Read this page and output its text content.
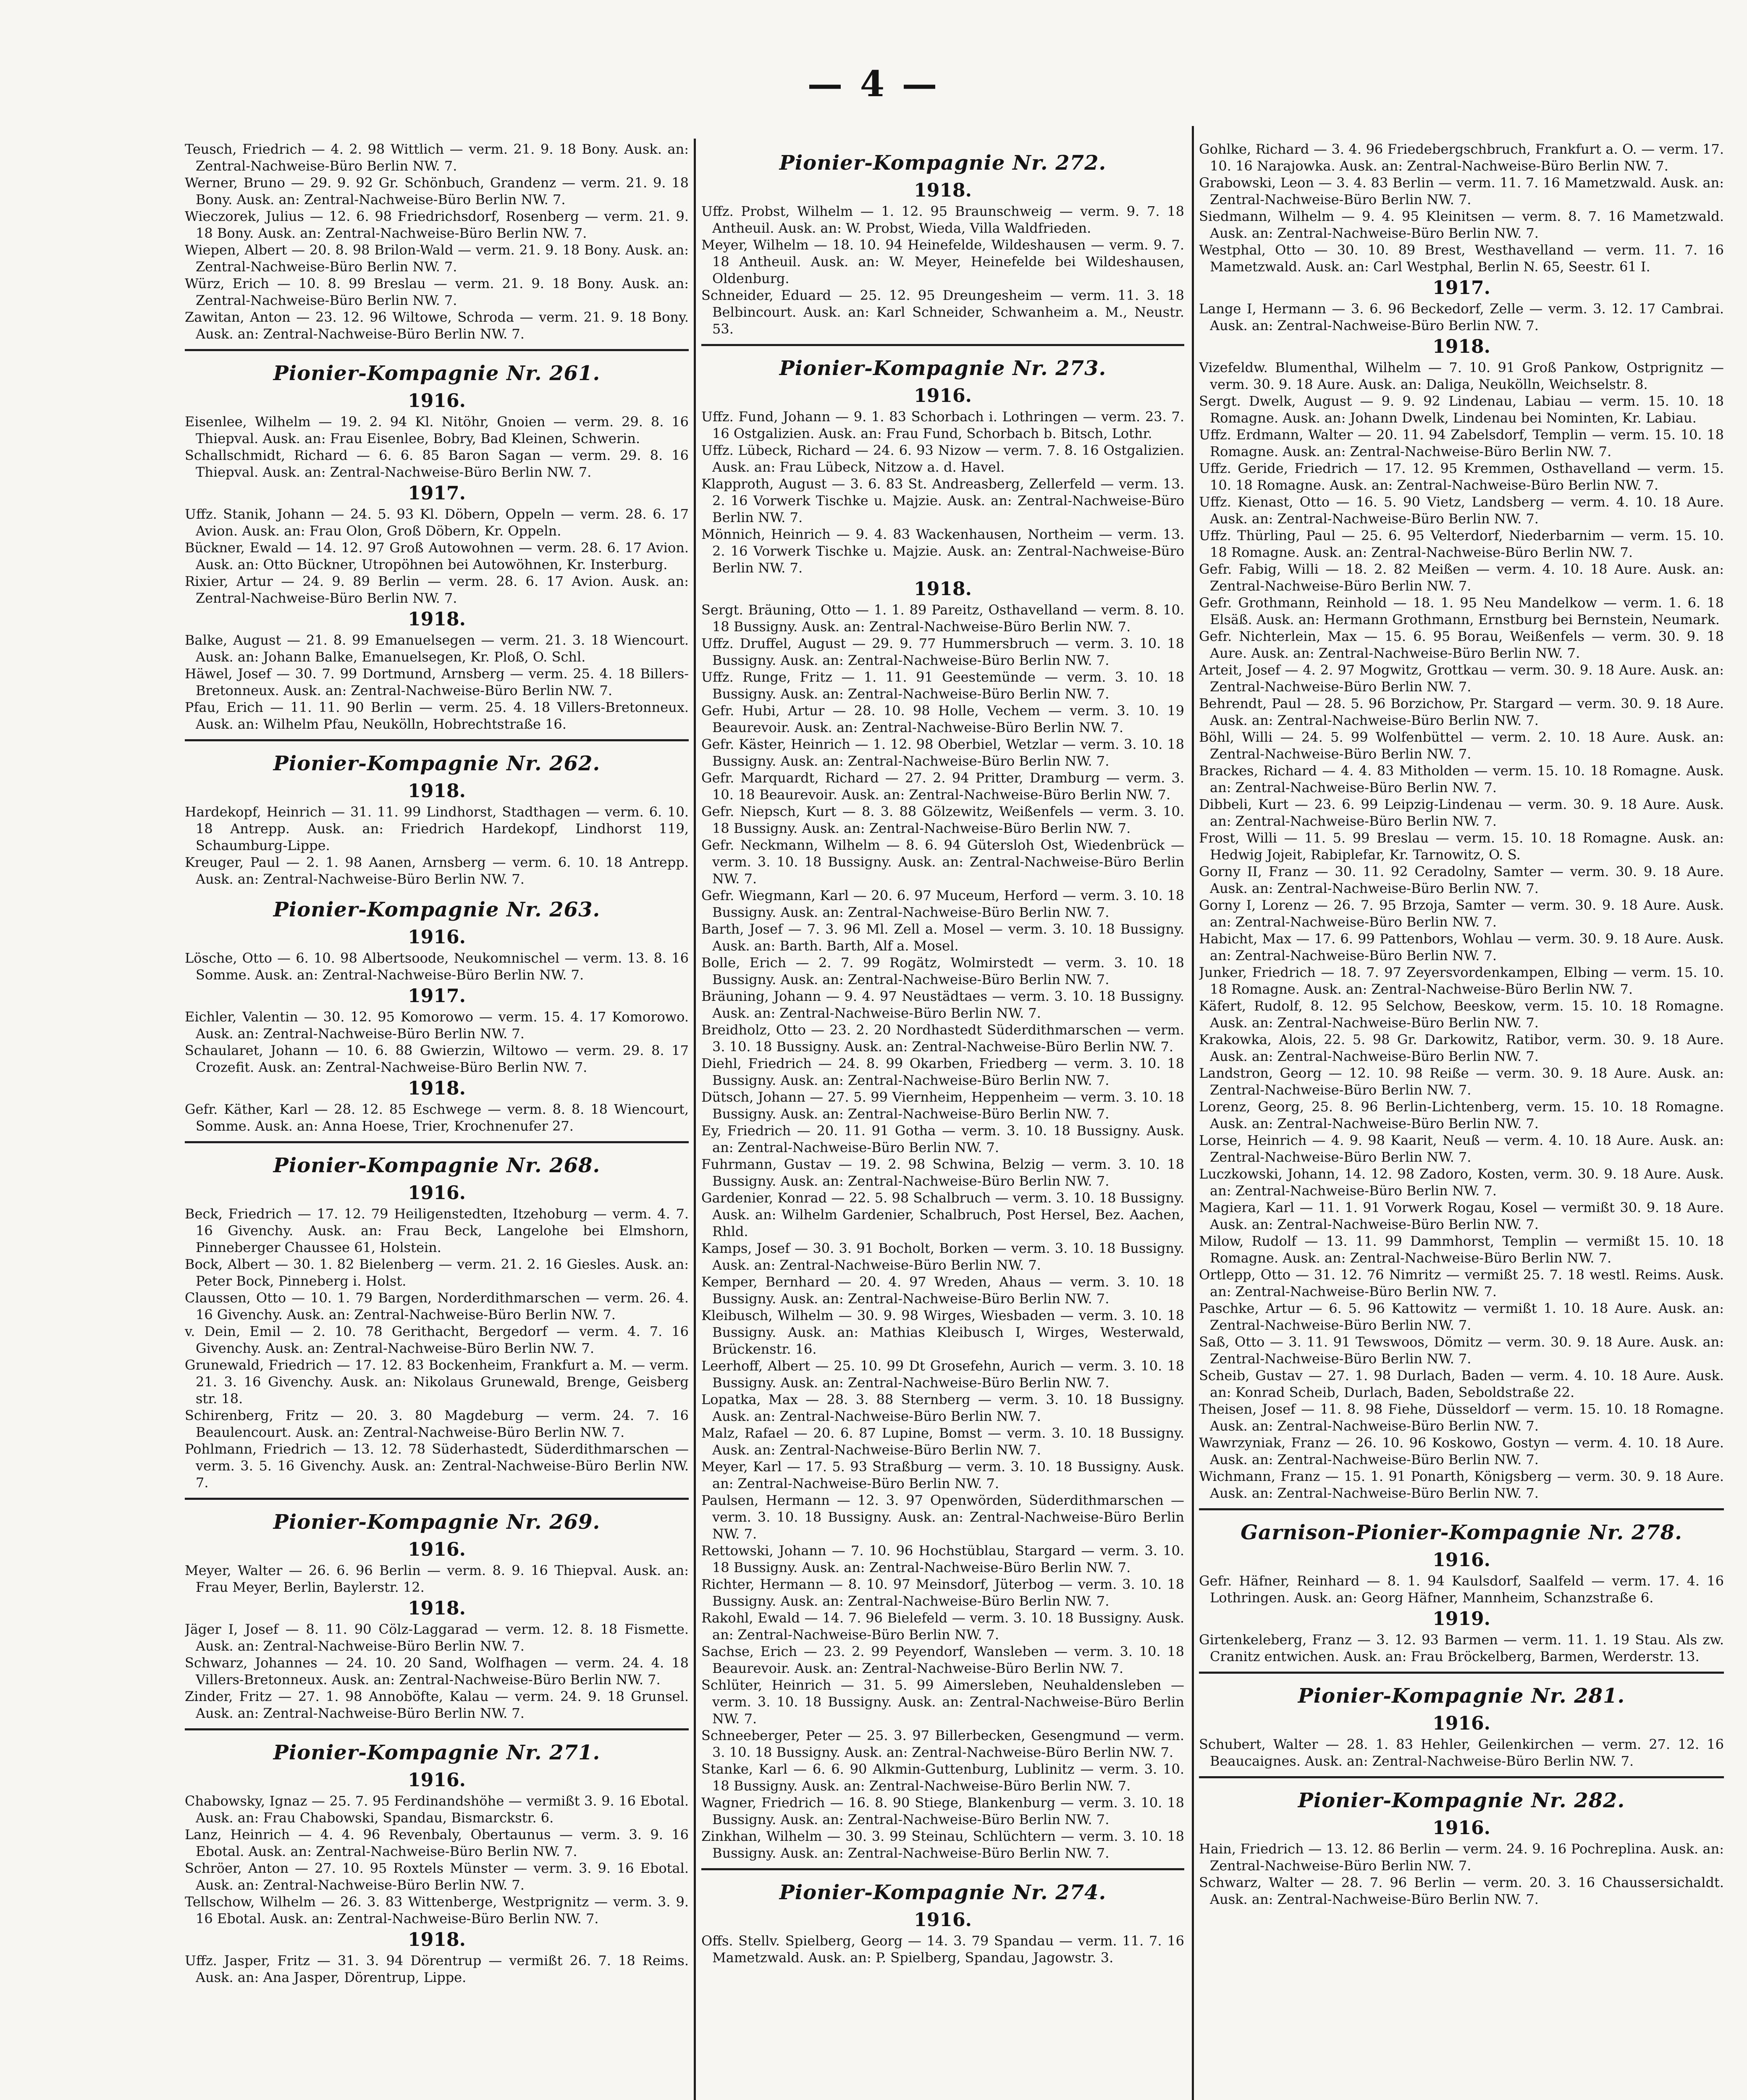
— 4 —

Teusch, Friedrich — 4. 2. 98 Wittlich — verm. 21. 9. 18 Bony. Ausk. an: Zentral-Nachweise-Büro Berlin NW. 7.

Werner, Bruno — 29. 9. 92 Gr. Schönbuch, Grandenz — verm. 21. 9. 18 Bony. Ausk. an: Zentral-Nachweise-Büro Berlin NW. 7.

Wieczorek, Julius — 12. 6. 98 Friedrichsdorf, Rosenberg — verm. 21. 9. 18 Bony. Ausk. an: Zentral-Nachweise-Büro Berlin NW. 7.

Wiepen, Albert — 20. 8. 98 Brilon-Wald — verm. 21. 9. 18 Bony. Ausk. an: Zentral-Nachweise-Büro Berlin NW. 7.

Würz, Erich — 10. 8. 99 Breslau — verm. 21. 9. 18 Bony. Ausk. an: Zentral-Nachweise-Büro Berlin NW. 7.

Zawitan, Anton — 23. 12. 96 Wiltowe, Schroda — verm. 21. 9. 18 Bony. Ausk. an: Zentral-Nachweise-Büro Berlin NW. 7.

Pionier-Kompagnie Nr. 261.
1916.

Eisenlee, Wilhelm — 19. 2. 94 Kl. Nitöhr, Gnoien — verm. 29. 8. 16 Thiepval. Ausk. an: Frau Eisenlee, Bobry, Bad Kleinen, Schwerin.

Schallschmidt, Richard — 6. 6. 85 Baron Sagan — verm. 29. 8. 16 Thiepval. Ausk. an: Zentral-Nachweise-Büro Berlin NW. 7.

1917.

Uffz. Stanik, Johann — 24. 5. 93 Kl. Döbern, Oppeln — verm. 28. 6. 17 Avion. Ausk. an: Frau Olon, Groß Döbern, Kr. Oppeln.

Bückner, Ewald — 14. 12. 97 Groß Autowohnen — verm. 28. 6. 17 Avion. Ausk. an: Otto Bückner, Utropöhnen bei Autowöhnen, Kr. Insterburg.

Rixier, Artur — 24. 9. 89 Berlin — verm. 28. 6. 17 Avion. Ausk. an: Zentral-Nachweise-Büro Berlin NW. 7.

1918.

Balke, August — 21. 8. 99 Emanuelsegen — verm. 21. 3. 18 Wiencourt. Ausk. an: Johann Balke, Emanuelsegen, Kr. Ploß, O. Schl.

Häwel, Josef — 30. 7. 99 Dortmund, Arnsberg — verm. 25. 4. 18 Billers-Bretonneux. Ausk. an: Zentral-Nachweise-Büro Berlin NW. 7.

Pfau, Erich — 11. 11. 90 Berlin — verm. 25. 4. 18 Villers-Bretonneux. Ausk. an: Wilhelm Pfau, Neukölln, Hobrechtstraße 16.

Pionier-Kompagnie Nr. 262.
1918.

Hardekopf, Heinrich — 31. 11. 99 Lindhorst, Stadthagen — verm. 6. 10. 18 Antrepp. Ausk. an: Friedrich Hardekopf, Lindhorst 119, Schaumburg-Lippe.

Kreuger, Paul — 2. 1. 98 Aanen, Arnsberg — verm. 6. 10. 18 Antrepp. Ausk. an: Zentral-Nachweise-Büro Berlin NW. 7.

Pionier-Kompagnie Nr. 263.
1916.

Lösche, Otto — 6. 10. 98 Albertsoode, Neukomnischel — verm. 13. 8. 16 Somme. Ausk. an: Zentral-Nachweise-Büro Berlin NW. 7.

1917.

Eichler, Valentin — 30. 12. 95 Komorowo — verm. 15. 4. 17 Komorowo. Ausk. an: Zentral-Nachweise-Büro Berlin NW. 7.

Schaularet, Johann — 10. 6. 88 Gwierzin, Wiltowo — verm. 29. 8. 17 Crozefit. Ausk. an: Zentral-Nachweise-Büro Berlin NW. 7.

1918.

Gefr. Käther, Karl — 28. 12. 85 Eschwege — verm. 8. 8. 18 Wiencourt, Somme. Ausk. an: Anna Hoese, Trier, Krochnenufer 27.

Pionier-Kompagnie Nr. 268.
1916.

Beck, Friedrich — 17. 12. 79 Heiligenstedten, Itzehoburg — verm. 4. 7. 16 Givenchy. Ausk. an: Frau Beck, Langelohe bei Elmshorn, Pinneberger Chaussee 61, Holstein.

Bock, Albert — 30. 1. 82 Bielenberg — verm. 21. 2. 16 Giesles. Ausk. an: Peter Bock, Pinneberg i. Holst.

Claussen, Otto — 10. 1. 79 Bargen, Norderdithmarschen — verm. 26. 4. 16 Givenchy. Ausk. an: Zentral-Nachweise-Büro Berlin NW. 7.

v. Dein, Emil — 2. 10. 78 Gerithacht, Bergedorf — verm. 4. 7. 16 Givenchy. Ausk. an: Zentral-Nachweise-Büro Berlin NW. 7.

Grunewald, Friedrich — 17. 12. 83 Bockenheim, Frankfurt a. M. — verm. 21. 3. 16 Givenchy. Ausk. an: Nikolaus Grunewald, Brenge, Geisberg str. 18.

Schirenberg, Fritz — 20. 3. 80 Magdeburg — verm. 24. 7. 16 Beaulencourt. Ausk. an: Zentral-Nachweise-Büro Berlin NW. 7.

Pohlmann, Friedrich — 13. 12. 78 Süderhastedt, Süderdithmarschen — verm. 3. 5. 16 Givenchy. Ausk. an: Zentral-Nachweise-Büro Berlin NW. 7.

Pionier-Kompagnie Nr. 269.
1916.

Meyer, Walter — 26. 6. 96 Berlin — verm. 8. 9. 16 Thiepval. Ausk. an: Frau Meyer, Berlin, Baylerstr. 12.

1918.

Jäger I, Josef — 8. 11. 90 Cölz-Laggarad — verm. 12. 8. 18 Fismette. Ausk. an: Zentral-Nachweise-Büro Berlin NW. 7.

Schwarz, Johannes — 24. 10. 20 Sand, Wolfhagen — verm. 24. 4. 18 Villers-Bretonneux. Ausk. an: Zentral-Nachweise-Büro Berlin NW. 7.

Zinder, Fritz — 27. 1. 98 Annoböfte, Kalau — verm. 24. 9. 18 Grunsel. Ausk. an: Zentral-Nachweise-Büro Berlin NW. 7.

Pionier-Kompagnie Nr. 271.
1916.

Chabowsky, Ignaz — 25. 7. 95 Ferdinandshöhe — vermißt 3. 9. 16 Ebotal. Ausk. an: Frau Chabowski, Spandau, Bismarckstr. 6.

Lanz, Heinrich — 4. 4. 96 Revenbaly, Obertaunus — verm. 3. 9. 16 Ebotal. Ausk. an: Zentral-Nachweise-Büro Berlin NW. 7.

Schröer, Anton — 27. 10. 95 Roxtels Münster — verm. 3. 9. 16 Ebotal. Ausk. an: Zentral-Nachweise-Büro Berlin NW. 7.

Tellschow, Wilhelm — 26. 3. 83 Wittenberge, Westprignitz — verm. 3. 9. 16 Ebotal. Ausk. an: Zentral-Nachweise-Büro Berlin NW. 7.

1918.

Uffz. Jasper, Fritz — 31. 3. 94 Dörentrup — vermißt 26. 7. 18 Reims. Ausk. an: Ana Jasper, Dörentrup, Lippe.

Pionier-Kompagnie Nr. 272.
1918.

Uffz. Probst, Wilhelm — 1. 12. 95 Braunschweig — verm. 9. 7. 18 Antheuil. Ausk. an: W. Probst, Wieda, Villa Waldfrieden.

Meyer, Wilhelm — 18. 10. 94 Heinefelde, Wildeshausen — verm. 9. 7. 18 Antheuil. Ausk. an: W. Meyer, Heinefelde bei Wildeshausen, Oldenburg.

Schneider, Eduard — 25. 12. 95 Dreungesheim — verm. 11. 3. 18 Belbincourt. Ausk. an: Karl Schneider, Schwanheim a. M., Neustr. 53.

Pionier-Kompagnie Nr. 273.
1916.

Uffz. Fund, Johann — 9. 1. 83 Schorbach i. Lothringen — verm. 23. 7. 16 Ostgalizien. Ausk. an: Frau Fund, Schorbach b. Bitsch, Lothr.

Uffz. Lübeck, Richard — 24. 6. 93 Nizow — verm. 7. 8. 16 Ostgalizien. Ausk. an: Frau Lübeck, Nitzow a. d. Havel.

Klapproth, August — 3. 6. 83 St. Andreasberg, Zellerfeld — verm. 13. 2. 16 Vorwerk Tischke u. Majzie. Ausk. an: Zentral-Nachweise-Büro Berlin NW. 7.

Mönnich, Heinrich — 9. 4. 83 Wackenhausen, Northeim — verm. 13. 2. 16 Vorwerk Tischke u. Majzie. Ausk. an: Zentral-Nachweise-Büro Berlin NW. 7.

1918.

Sergt. Bräuning, Otto — 1. 1. 89 Pareitz, Osthavelland — verm. 8. 10. 18 Bussigny. Ausk. an: Zentral-Nachweise-Büro Berlin NW. 7.

Uffz. Druffel, August — 29. 9. 77 Hummersbruch — verm. 3. 10. 18 Bussigny. Ausk. an: Zentral-Nachweise-Büro Berlin NW. 7.

Uffz. Runge, Fritz — 1. 11. 91 Geestemünde — verm. 3. 10. 18 Bussigny. Ausk. an: Zentral-Nachweise-Büro Berlin NW. 7.

Gefr. Hubi, Artur — 28. 10. 98 Holle, Vechem — verm. 3. 10. 19 Beaurevoir. Ausk. an: Zentral-Nachweise-Büro Berlin NW. 7.

Gefr. Käster, Heinrich — 1. 12. 98 Oberbiel, Wetzlar — verm. 3. 10. 18 Bussigny. Ausk. an: Zentral-Nachweise-Büro Berlin NW. 7.

Gefr. Marquardt, Richard — 27. 2. 94 Pritter, Dramburg — verm. 3. 10. 18 Beaurevoir. Ausk. an: Zentral-Nachweise-Büro Berlin NW. 7.

Gefr. Niepsch, Kurt — 8. 3. 88 Gölzewitz, Weißenfels — verm. 3. 10. 18 Bussigny. Ausk. an: Zentral-Nachweise-Büro Berlin NW. 7.

Gefr. Neckmann, Wilhelm — 8. 6. 94 Gütersloh Ost, Wiedenbrück — verm. 3. 10. 18 Bussigny. Ausk. an: Zentral-Nachweise-Büro Berlin NW. 7.

Gefr. Wiegmann, Karl — 20. 6. 97 Muceum, Herford — verm. 3. 10. 18 Bussigny. Ausk. an: Zentral-Nachweise-Büro Berlin NW. 7.

Barth, Josef — 7. 3. 96 Ml. Zell a. Mosel — verm. 3. 10. 18 Bussigny. Ausk. an: Barth. Barth, Alf a. Mosel.

Bolle, Erich — 2. 7. 99 Rogätz, Wolmirstedt — verm. 3. 10. 18 Bussigny. Ausk. an: Zentral-Nachweise-Büro Berlin NW. 7.

Bräuning, Johann — 9. 4. 97 Neustädtaes — verm. 3. 10. 18 Bussigny. Ausk. an: Zentral-Nachweise-Büro Berlin NW. 7.

Breidholz, Otto — 23. 2. 20 Nordhastedt Süderdithmarschen — verm. 3. 10. 18 Bussigny. Ausk. an: Zentral-Nachweise-Büro Berlin NW. 7.

Diehl, Friedrich — 24. 8. 99 Okarben, Friedberg — verm. 3. 10. 18 Bussigny. Ausk. an: Zentral-Nachweise-Büro Berlin NW. 7.

Dütsch, Johann — 27. 5. 99 Viernheim, Heppenheim — verm. 3. 10. 18 Bussigny. Ausk. an: Zentral-Nachweise-Büro Berlin NW. 7.

Ey, Friedrich — 20. 11. 91 Gotha — verm. 3. 10. 18 Bussigny. Ausk. an: Zentral-Nachweise-Büro Berlin NW. 7.

Fuhrmann, Gustav — 19. 2. 98 Schwina, Belzig — verm. 3. 10. 18 Bussigny. Ausk. an: Zentral-Nachweise-Büro Berlin NW. 7.

Gardenier, Konrad — 22. 5. 98 Schalbruch — verm. 3. 10. 18 Bussigny. Ausk. an: Wilhelm Gardenier, Schalbruch, Post Hersel, Bez. Aachen, Rhld.

Kamps, Josef — 30. 3. 91 Bocholt, Borken — verm. 3. 10. 18 Bussigny. Ausk. an: Zentral-Nachweise-Büro Berlin NW. 7.

Kemper, Bernhard — 20. 4. 97 Wreden, Ahaus — verm. 3. 10. 18 Bussigny. Ausk. an: Zentral-Nachweise-Büro Berlin NW. 7.

Kleibusch, Wilhelm — 30. 9. 98 Wirges, Wiesbaden — verm. 3. 10. 18 Bussigny. Ausk. an: Mathias Kleibusch I, Wirges, Westerwald, Brückenstr. 16.

Leerhoff, Albert — 25. 10. 99 Dt Grosefehn, Aurich — verm. 3. 10. 18 Bussigny. Ausk. an: Zentral-Nachweise-Büro Berlin NW. 7.

Lopatka, Max — 28. 3. 88 Sternberg — verm. 3. 10. 18 Bussigny. Ausk. an: Zentral-Nachweise-Büro Berlin NW. 7.

Malz, Rafael — 20. 6. 87 Lupine, Bomst — verm. 3. 10. 18 Bussigny. Ausk. an: Zentral-Nachweise-Büro Berlin NW. 7.

Meyer, Karl — 17. 5. 93 Straßburg — verm. 3. 10. 18 Bussigny. Ausk. an: Zentral-Nachweise-Büro Berlin NW. 7.

Paulsen, Hermann — 12. 3. 97 Openwörden, Süderdithmarschen — verm. 3. 10. 18 Bussigny. Ausk. an: Zentral-Nachweise-Büro Berlin NW. 7.

Rettowski, Johann — 7. 10. 96 Hochstüblau, Stargard — verm. 3. 10. 18 Bussigny. Ausk. an: Zentral-Nachweise-Büro Berlin NW. 7.

Richter, Hermann — 8. 10. 97 Meinsdorf, Jüterbog — verm. 3. 10. 18 Bussigny. Ausk. an: Zentral-Nachweise-Büro Berlin NW. 7.

Rakohl, Ewald — 14. 7. 96 Bielefeld — verm. 3. 10. 18 Bussigny. Ausk. an: Zentral-Nachweise-Büro Berlin NW. 7.

Sachse, Erich — 23. 2. 99 Peyendorf, Wansleben — verm. 3. 10. 18 Beaurevoir. Ausk. an: Zentral-Nachweise-Büro Berlin NW. 7.

Schlüter, Heinrich — 31. 5. 99 Aimersleben, Neuhaldensleben — verm. 3. 10. 18 Bussigny. Ausk. an: Zentral-Nachweise-Büro Berlin NW. 7.

Schneeberger, Peter — 25. 3. 97 Billerbecken, Gesengmund — verm. 3. 10. 18 Bussigny. Ausk. an: Zentral-Nachweise-Büro Berlin NW. 7.

Stanke, Karl — 6. 6. 90 Alkmin-Guttenburg, Lublinitz — verm. 3. 10. 18 Bussigny. Ausk. an: Zentral-Nachweise-Büro Berlin NW. 7.

Wagner, Friedrich — 16. 8. 90 Stiege, Blankenburg — verm. 3. 10. 18 Bussigny. Ausk. an: Zentral-Nachweise-Büro Berlin NW. 7.

Zinkhan, Wilhelm — 30. 3. 99 Steinau, Schlüchtern — verm. 3. 10. 18 Bussigny. Ausk. an: Zentral-Nachweise-Büro Berlin NW. 7.

Pionier-Kompagnie Nr. 274.
1916.

Offs. Stellv. Spielberg, Georg — 14. 3. 79 Spandau — verm. 11. 7. 16 Mametzwald. Ausk. an: P. Spielberg, Spandau, Jagowstr. 3.

Gohlke, Richard — 3. 4. 96 Friedebergschbruch, Frankfurt a. O. — verm. 17. 10. 16 Narajowka. Ausk. an: Zentral-Nachweise-Büro Berlin NW. 7.

Grabowski, Leon — 3. 4. 83 Berlin — verm. 11. 7. 16 Mametzwald. Ausk. an: Zentral-Nachweise-Büro Berlin NW. 7.

Siedmann, Wilhelm — 9. 4. 95 Kleinitsen — verm. 8. 7. 16 Mametzwald. Ausk. an: Zentral-Nachweise-Büro Berlin NW. 7.

Westphal, Otto — 30. 10. 89 Brest, Westhavelland — verm. 11. 7. 16 Mametzwald. Ausk. an: Carl Westphal, Berlin N. 65, Seestr. 61 I.

1917.

Lange I, Hermann — 3. 6. 96 Beckedorf, Zelle — verm. 3. 12. 17 Cambrai. Ausk. an: Zentral-Nachweise-Büro Berlin NW. 7.

1918.

Vizefeldw. Blumenthal, Wilhelm — 7. 10. 91 Groß Pankow, Ostprignitz — verm. 30. 9. 18 Aure. Ausk. an: Daliga, Neukölln, Weichselstr. 8.

Sergt. Dwelk, August — 9. 9. 92 Lindenau, Labiau — verm. 15. 10. 18 Romagne. Ausk. an: Johann Dwelk, Lindenau bei Nominten, Kr. Labiau.

Uffz. Erdmann, Walter — 20. 11. 94 Zabelsdorf, Templin — verm. 15. 10. 18 Romagne. Ausk. an: Zentral-Nachweise-Büro Berlin NW. 7.

Uffz. Geride, Friedrich — 17. 12. 95 Kremmen, Osthavelland — verm. 15. 10. 18 Romagne. Ausk. an: Zentral-Nachweise-Büro Berlin NW. 7.

Uffz. Kienast, Otto — 16. 5. 90 Vietz, Landsberg — verm. 4. 10. 18 Aure. Ausk. an: Zentral-Nachweise-Büro Berlin NW. 7.

Uffz. Thürling, Paul — 25. 6. 95 Velterdorf, Niederbarnim — verm. 15. 10. 18 Romagne. Ausk. an: Zentral-Nachweise-Büro Berlin NW. 7.

Gefr. Fabig, Willi — 18. 2. 82 Meißen — verm. 4. 10. 18 Aure. Ausk. an: Zentral-Nachweise-Büro Berlin NW. 7.

Gefr. Grothmann, Reinhold — 18. 1. 95 Neu Mandelkow — verm. 1. 6. 18 Elsäß. Ausk. an: Hermann Grothmann, Ernstburg bei Bernstein, Neumark.

Gefr. Nichterlein, Max — 15. 6. 95 Borau, Weißenfels — verm. 30. 9. 18 Aure. Ausk. an: Zentral-Nachweise-Büro Berlin NW. 7.

Arteit, Josef — 4. 2. 97 Mogwitz, Grottkau — verm. 30. 9. 18 Aure. Ausk. an: Zentral-Nachweise-Büro Berlin NW. 7.

Behrendt, Paul — 28. 5. 96 Borzichow, Pr. Stargard — verm. 30. 9. 18 Aure. Ausk. an: Zentral-Nachweise-Büro Berlin NW. 7.

Böhl, Willi — 24. 5. 99 Wolfenbüttel — verm. 2. 10. 18 Aure. Ausk. an: Zentral-Nachweise-Büro Berlin NW. 7.

Brackes, Richard — 4. 4. 83 Mitholden — verm. 15. 10. 18 Romagne. Ausk. an: Zentral-Nachweise-Büro Berlin NW. 7.

Dibbeli, Kurt — 23. 6. 99 Leipzig-Lindenau — verm. 30. 9. 18 Aure. Ausk. an: Zentral-Nachweise-Büro Berlin NW. 7.

Frost, Willi — 11. 5. 99 Breslau — verm. 15. 10. 18 Romagne. Ausk. an: Hedwig Jojeit, Rabiplefar, Kr. Tarnowitz, O. S.

Gorny II, Franz — 30. 11. 92 Ceradolny, Samter — verm. 30. 9. 18 Aure. Ausk. an: Zentral-Nachweise-Büro Berlin NW. 7.

Gorny I, Lorenz — 26. 7. 95 Brzoja, Samter — verm. 30. 9. 18 Aure. Ausk. an: Zentral-Nachweise-Büro Berlin NW. 7.

Habicht, Max — 17. 6. 99 Pattenbors, Wohlau — verm. 30. 9. 18 Aure. Ausk. an: Zentral-Nachweise-Büro Berlin NW. 7.

Junker, Friedrich — 18. 7. 97 Zeyersvordenkampen, Elbing — verm. 15. 10. 18 Romagne. Ausk. an: Zentral-Nachweise-Büro Berlin NW. 7.

Käfert, Rudolf, 8. 12. 95 Selchow, Beeskow, verm. 15. 10. 18 Romagne. Ausk. an: Zentral-Nachweise-Büro Berlin NW. 7.

Krakowka, Alois, 22. 5. 98 Gr. Darkowitz, Ratibor, verm. 30. 9. 18 Aure. Ausk. an: Zentral-Nachweise-Büro Berlin NW. 7.

Landstron, Georg — 12. 10. 98 Reiße — verm. 30. 9. 18 Aure. Ausk. an: Zentral-Nachweise-Büro Berlin NW. 7.

Lorenz, Georg, 25. 8. 96 Berlin-Lichtenberg, verm. 15. 10. 18 Romagne. Ausk. an: Zentral-Nachweise-Büro Berlin NW. 7.

Lorse, Heinrich — 4. 9. 98 Kaarit, Neuß — verm. 4. 10. 18 Aure. Ausk. an: Zentral-Nachweise-Büro Berlin NW. 7.

Luczkowski, Johann, 14. 12. 98 Zadoro, Kosten, verm. 30. 9. 18 Aure. Ausk. an: Zentral-Nachweise-Büro Berlin NW. 7.

Magiera, Karl — 11. 1. 91 Vorwerk Rogau, Kosel — vermißt 30. 9. 18 Aure. Ausk. an: Zentral-Nachweise-Büro Berlin NW. 7.

Milow, Rudolf — 13. 11. 99 Dammhorst, Templin — vermißt 15. 10. 18 Romagne. Ausk. an: Zentral-Nachweise-Büro Berlin NW. 7.

Ortlepp, Otto — 31. 12. 76 Nimritz — vermißt 25. 7. 18 westl. Reims. Ausk. an: Zentral-Nachweise-Büro Berlin NW. 7.

Paschke, Artur — 6. 5. 96 Kattowitz — vermißt 1. 10. 18 Aure. Ausk. an: Zentral-Nachweise-Büro Berlin NW. 7.

Saß, Otto — 3. 11. 91 Tewswoos, Dömitz — verm. 30. 9. 18 Aure. Ausk. an: Zentral-Nachweise-Büro Berlin NW. 7.

Scheib, Gustav — 27. 1. 98 Durlach, Baden — verm. 4. 10. 18 Aure. Ausk. an: Konrad Scheib, Durlach, Baden, Seboldstraße 22.

Theisen, Josef — 11. 8. 98 Fiehe, Düsseldorf — verm. 15. 10. 18 Romagne. Ausk. an: Zentral-Nachweise-Büro Berlin NW. 7.

Wawrzyniak, Franz — 26. 10. 96 Koskowo, Gostyn — verm. 4. 10. 18 Aure. Ausk. an: Zentral-Nachweise-Büro Berlin NW. 7.

Wichmann, Franz — 15. 1. 91 Ponarth, Königsberg — verm. 30. 9. 18 Aure. Ausk. an: Zentral-Nachweise-Büro Berlin NW. 7.

Garnison-Pionier-Kompagnie Nr. 278.
1916.

Gefr. Häfner, Reinhard — 8. 1. 94 Kaulsdorf, Saalfeld — verm. 17. 4. 16 Lothringen. Ausk. an: Georg Häfner, Mannheim, Schanzstraße 6.

1919.

Girtenkeleberg, Franz — 3. 12. 93 Barmen — verm. 11. 1. 19 Stau. Als zw. Cranitz entwichen. Ausk. an: Frau Bröckelberg, Barmen, Werderstr. 13.

Pionier-Kompagnie Nr. 281.
1916.

Schubert, Walter — 28. 1. 83 Hehler, Geilenkirchen — verm. 27. 12. 16 Beaucaignes. Ausk. an: Zentral-Nachweise-Büro Berlin NW. 7.

Pionier-Kompagnie Nr. 282.
1916.

Hain, Friedrich — 13. 12. 86 Berlin — verm. 24. 9. 16 Pochreplina. Ausk. an: Zentral-Nachweise-Büro Berlin NW. 7.

Schwarz, Walter — 28. 7. 96 Berlin — verm. 20. 3. 16 Chaussersichaldt. Ausk. an: Zentral-Nachweise-Büro Berlin NW. 7.
